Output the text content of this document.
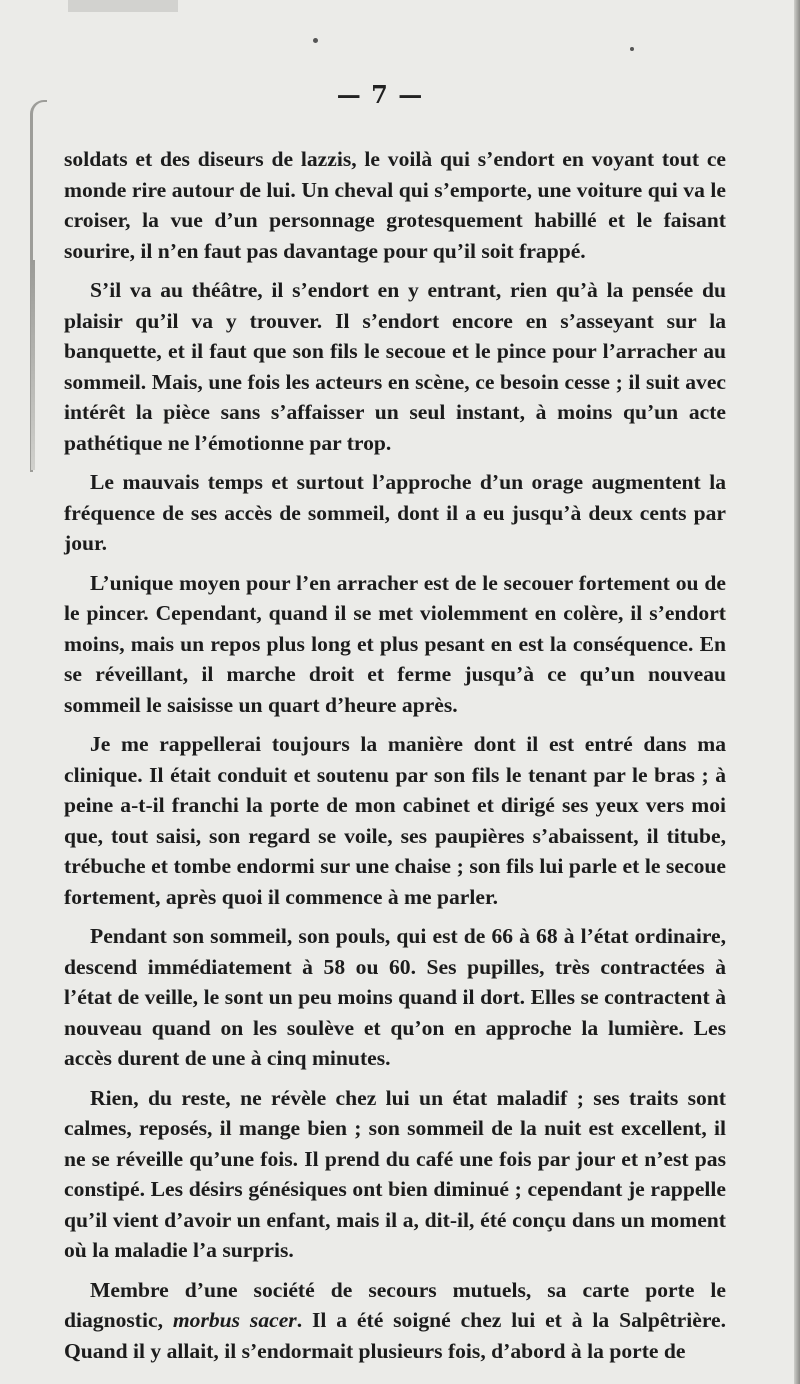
— 7 —

soldats et des diseurs de lazzis, le voilà qui s’endort en voyant tout ce monde rire autour de lui. Un cheval qui s’emporte, une voiture qui va le croiser, la vue d’un personnage grotesquement habillé et le faisant sourire, il n’en faut pas davantage pour qu’il soit frappé.

S’il va au théâtre, il s’endort en y entrant, rien qu’à la pensée du plaisir qu’il va y trouver. Il s’endort encore en s’asseyant sur la banquette, et il faut que son fils le secoue et le pince pour l’arracher au sommeil. Mais, une fois les acteurs en scène, ce besoin cesse ; il suit avec intérêt la pièce sans s’affaisser un seul instant, à moins qu’un acte pathétique ne l’émotionne par trop.

Le mauvais temps et surtout l’approche d’un orage augmentent la fréquence de ses accès de sommeil, dont il a eu jusqu’à deux cents par jour.

L’unique moyen pour l’en arracher est de le secouer fortement ou de le pincer. Cependant, quand il se met violemment en colère, il s’endort moins, mais un repos plus long et plus pesant en est la conséquence. En se réveillant, il marche droit et ferme jusqu’à ce qu’un nouveau sommeil le saisisse un quart d’heure après.

Je me rappellerai toujours la manière dont il est entré dans ma clinique. Il était conduit et soutenu par son fils le tenant par le bras ; à peine a-t-il franchi la porte de mon cabinet et dirigé ses yeux vers moi que, tout saisi, son regard se voile, ses paupières s’abaissent, il titube, trébuche et tombe endormi sur une chaise ; son fils lui parle et le secoue fortement, après quoi il commence à me parler.

Pendant son sommeil, son pouls, qui est de 66 à 68 à l’état ordinaire, descend immédiatement à 58 ou 60. Ses pupilles, très contractées à l’état de veille, le sont un peu moins quand il dort. Elles se contractent à nouveau quand on les soulève et qu’on en approche la lumière. Les accès durent de une à cinq minutes.

Rien, du reste, ne révèle chez lui un état maladif ; ses traits sont calmes, reposés, il mange bien ; son sommeil de la nuit est excellent, il ne se réveille qu’une fois. Il prend du café une fois par jour et n’est pas constipé. Les désirs génésiques ont bien diminué ; cependant je rappelle qu’il vient d’avoir un enfant, mais il a, dit-il, été conçu dans un moment où la maladie l’a surpris.

Membre d’une société de secours mutuels, sa carte porte le diagnostic, morbus sacer. Il a été soigné chez lui et à la Salpêtrière. Quand il y allait, il s’endormait plusieurs fois, d’abord à la porte de
